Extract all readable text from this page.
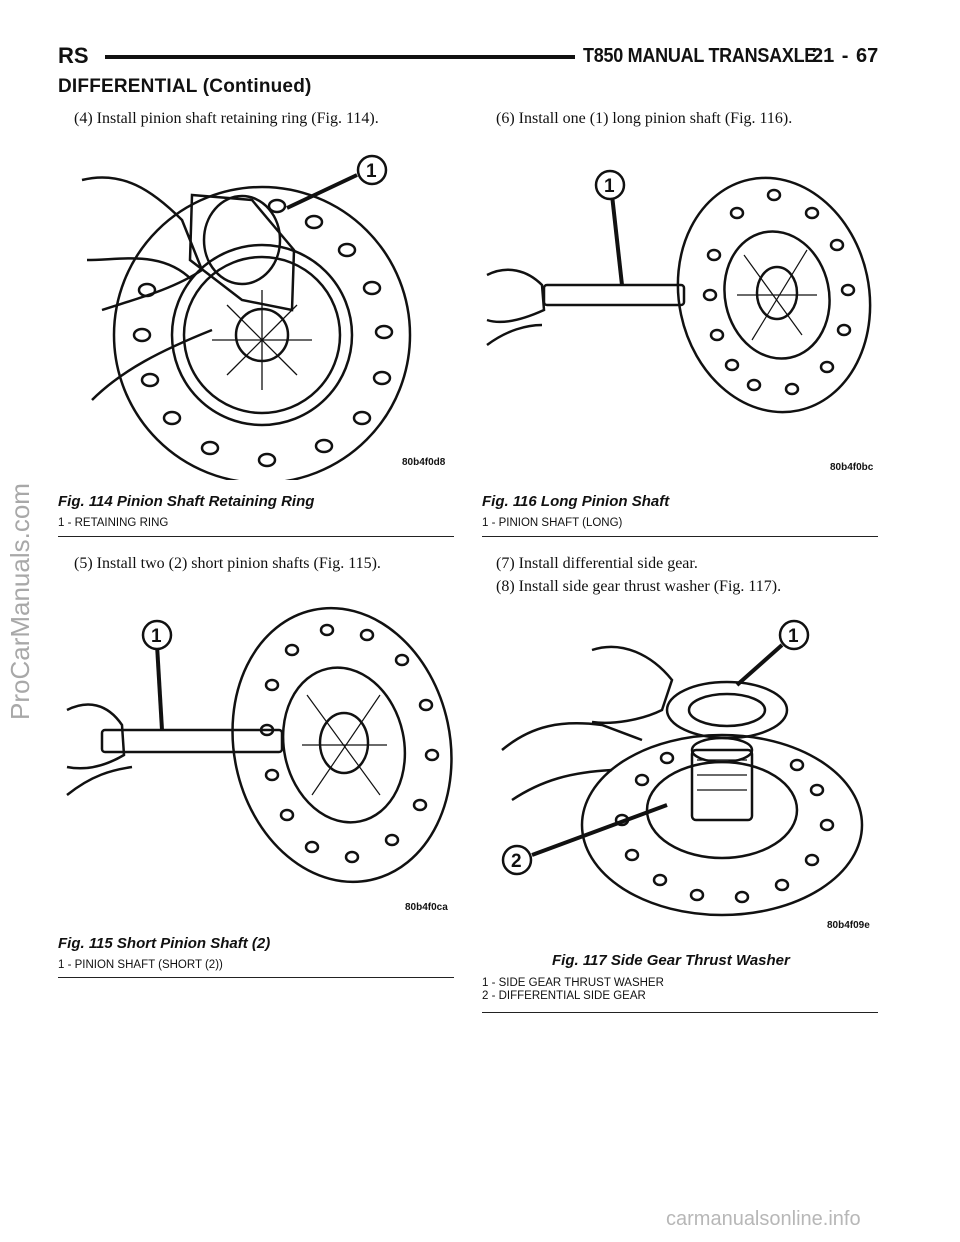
RS	T850 MANUAL TRANSAXLE
21 - 67
DIFFERENTIAL (Continued)
(4) Install pinion shaft retaining ring (Fig. 114).	(6) Install one (1) long pinion shaft (Fig. 116).
(5) Install two (2) short pinion shafts (Fig. 115).	(7) Install differential side gear.
(8) Install side gear thrust washer (Fig. 117).
1
80b4f0d8
Fig. 114 Pinion Shaft Retaining Ring
1 - RETAINING RING
1
80b4f0bc
Fig. 116 Long Pinion Shaft
1 - PINION SHAFT (LONG)
1
80b4f0ca
Fig. 115 Short Pinion Shaft (2)
1 - PINION SHAFT (SHORT (2))
1
2
80b4f09e
Fig. 117 Side Gear Thrust Washer
1 - SIDE GEAR THRUST WASHER
2 - DIFFERENTIAL SIDE GEAR
ProCarManuals.com
carmanualsonline.info
